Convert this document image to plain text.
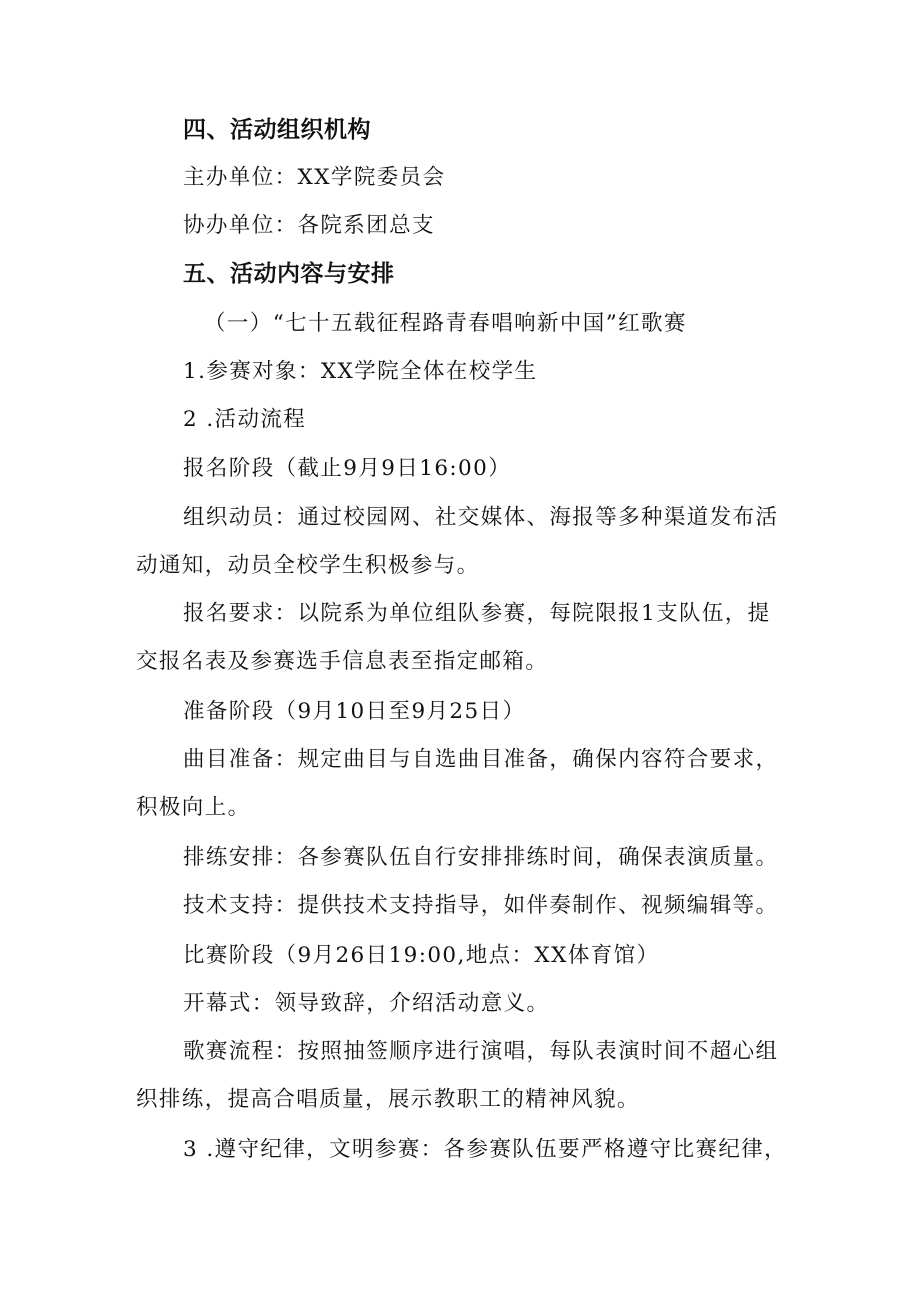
四、活动组织机构
主办单位：XX学院委员会
协办单位：各院系团总支
五、活动内容与安排
（一）“七十五载征程路青春唱响新中国”红歌赛
1.参赛对象：XX学院全体在校学生
2 .活动流程
报名阶段（截止9月9日16:00）
组织动员：通过校园网、社交媒体、海报等多种渠道发布活
动通知，动员全校学生积极参与。
报名要求：以院系为单位组队参赛，每院限报1支队伍，提
交报名表及参赛选手信息表至指定邮箱。
准备阶段（9月10日至9月25日）
曲目准备：规定曲目与自选曲目准备，确保内容符合要求，
积极向上。
排练安排：各参赛队伍自行安排排练时间，确保表演质量。
技术支持：提供技术支持指导，如伴奏制作、视频编辑等。
比赛阶段（9月26日19:00,地点：XX体育馆）
开幕式：领导致辞，介绍活动意义。
歌赛流程：按照抽签顺序进行演唱，每队表演时间不超心组
织排练，提高合唱质量，展示教职工的精神风貌。
3 .遵守纪律，文明参赛：各参赛队伍要严格遵守比赛纪律，
